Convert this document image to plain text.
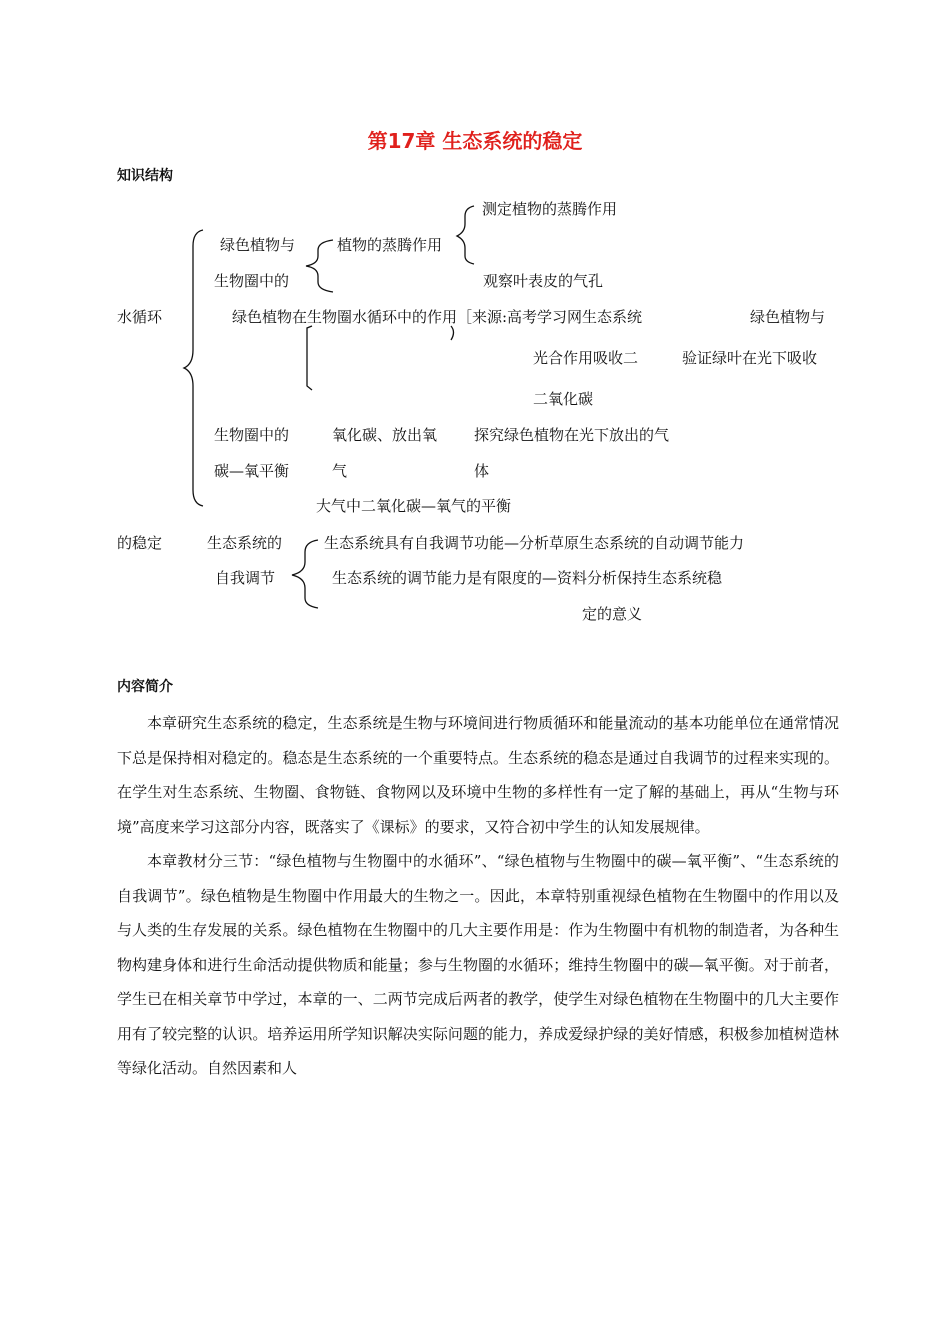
第17章 生态系统的稳定
知识结构
测定植物的蒸腾作用
绿色植物与	植物的蒸腾作用
生物圈中的	观察叶表皮的气孔
水循环	绿色植物在生物圈水循环中的作用［来源:高考学习网生态系统	绿色植物与
光合作用吸收二	验证绿叶在光下吸收
二氧化碳
生物圈中的	氧化碳、放出氧 探究绿色植物在光下放出的气
碳—氧平衡	气	体
大气中二氧化碳—氧气的平衡
的稳定	生态系统的	生态系统具有自我调节功能—分析草原生态系统的自动调节能力
自我调节	生态系统的调节能力是有限度的—资料分析保持生态系统稳
定的意义
内容简介

本章研究生态系统的稳定，生态系统是生物与环境间进行物质循环和能量流动的基本功能单位在通常情况下总是保持相对稳定的。稳态是生态系统的一个重要特点。生态系统的稳态是通过自我调节的过程来实现的。在学生对生态系统、生物圈、食物链、食物网以及环境中生物的多样性有一定了解的基础上，再从“生物与环境”高度来学习这部分内容，既落实了《课标》的要求，又符合初中学生的认知发展规律。

本章教材分三节：“绿色植物与生物圈中的水循环”、“绿色植物与生物圈中的碳—氧平衡”、“生态系统的自我调节”。绿色植物是生物圈中作用最大的生物之一。因此，本章特别重视绿色植物在生物圈中的作用以及与人类的生存发展的关系。绿色植物在生物圈中的几大主要作用是：作为生物圈中有机物的制造者，为各种生物构建身体和进行生命活动提供物质和能量；参与生物圈的水循环；维持生物圈中的碳—氧平衡。对于前者，学生已在相关章节中学过，本章的一、二两节完成后两者的教学，使学生对绿色植物在生物圈中的几大主要作用有了较完整的认识。培养运用所学知识解决实际问题的能力，养成爱绿护绿的美好情感，积极参加植树造林等绿化活动。自然因素和人
